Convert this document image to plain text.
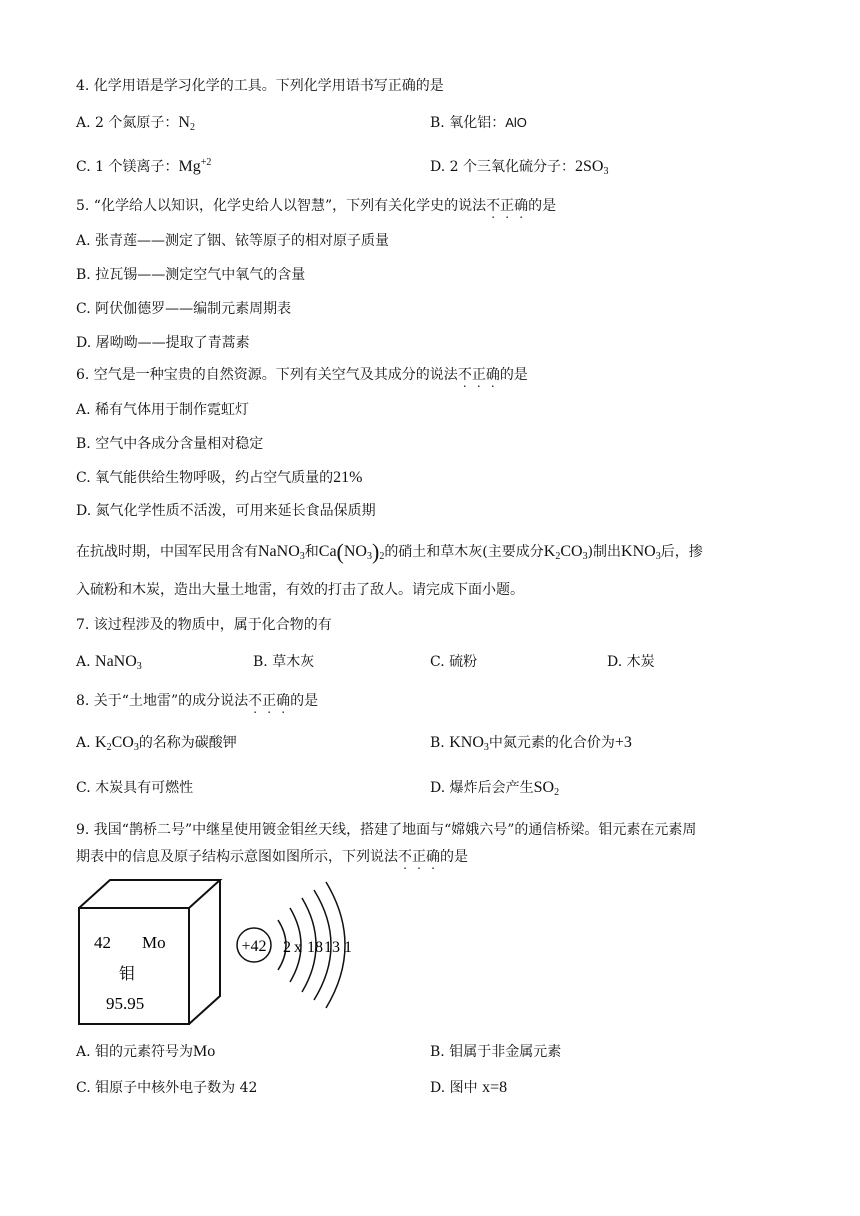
4. 化学用语是学习化学的工具。下列化学用语书写正确的是
A. 2 个氮原子：$N_2$	B. 氧化铝：AlO
C. 1 个镁离子：$Mg^{+2}$	D. 2 个三氧化硫分子：$2SO_3$
5. “化学给人以知识，化学史给人以智慧”，下列有关化学史的说法不正确的是
A. 张青莲——测定了铟、铱等原子的相对原子质量
B. 拉瓦锡——测定空气中氧气的含量
C. 阿伏伽德罗——编制元素周期表
D. 屠呦呦——提取了青蒿素
6. 空气是一种宝贵的自然资源。下列有关空气及其成分的说法不正确的是
A. 稀有气体用于制作霓虹灯
B. 空气中各成分含量相对稳定
C. 氧气能供给生物呼吸，约占空气质量的21%
D. 氮气化学性质不活泼，可用来延长食品保质期
在抗战时期，中国军民用含有NaNO$_3$和$Ca(NO_3)_2$的硝土和草木灰(主要成分$K_2CO_3$)制出$KNO_3$后，掺
入硫粉和木炭，造出大量土地雷，有效的打击了敌人。请完成下面小题。
7. 该过程涉及的物质中，属于化合物的有
A. NaNO$_3$	B. 草木灰	C. 硫粉	D. 木炭
8. 关于“土地雷”的成分说法不正确的是
A. $K_2CO_3$的名称为碳酸钾	B. $KNO_3$中氮元素的化合价为+3
C. 木炭具有可燃性	D. 爆炸后会产生$SO_2$
9. 我国“鹊桥二号”中继星使用镀金钼丝天线，搭建了地面与“嫦娥六号”的通信桥梁。钼元素在元素周
期表中的信息及原子结构示意图如图所示，下列说法不正确的是
42 Mo
钼
95.95
+42 2 x 18 13 1
A. 钼的元素符号为Mo	B. 钼属于非金属元素
C. 钼原子中核外电子数为 42	D. 图中 x=8
